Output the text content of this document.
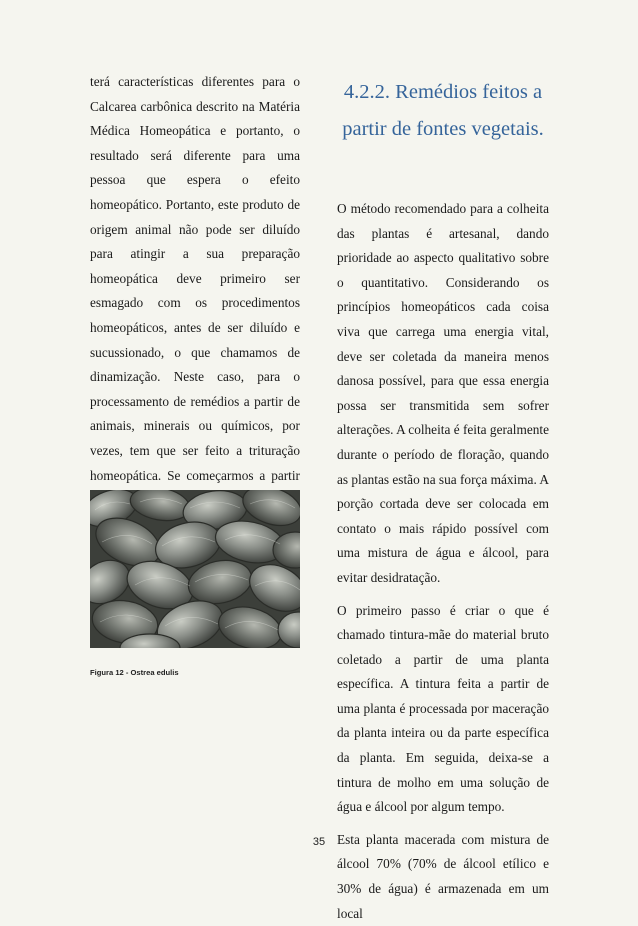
terá características diferentes para o Calcarea carbônica descrito na Matéria Médica Homeopática e portanto, o resultado será diferente para uma pessoa que espera o efeito homeopático. Portanto, este produto de origem animal não pode ser diluído para atingir a sua preparação homeopática deve primeiro ser esmagado com os procedimentos homeopáticos, antes de ser diluído e sucussionado, o que chamamos de dinamização. Neste caso, para o processamento de remédios a partir de animais, minerais ou químicos, por vezes, tem que ser feito a trituração homeopática. Se começarmos a partir

Figura 12 - Ostrea edulis
4.2.2. Remédios feitos a partir de fontes vegetais.

O método recomendado para a colheita das plantas é artesanal, dando prioridade ao aspecto qualitativo sobre o quantitativo. Considerando os princípios homeopáticos cada coisa viva que carrega uma energia vital, deve ser coletada da maneira menos danosa possível, para que essa energia possa ser transmitida sem sofrer alterações. A colheita é feita geralmente durante o período de floração, quando as plantas estão na sua força máxima. A porção cortada deve ser colocada em contato o mais rápido possível com uma mistura de água e álcool, para evitar desidratação.

O primeiro passo é criar o que é chamado tintura-mãe do material bruto coletado a partir de uma planta específica. A tintura feita a partir de uma planta é processada por maceração da planta inteira ou da parte específica da planta. Em seguida, deixa-se a tintura de molho em uma solução de água e álcool por algum tempo.

Esta planta macerada com mistura de álcool 70% (70% de álcool etílico e 30% de água) é armazenada em um local

35
